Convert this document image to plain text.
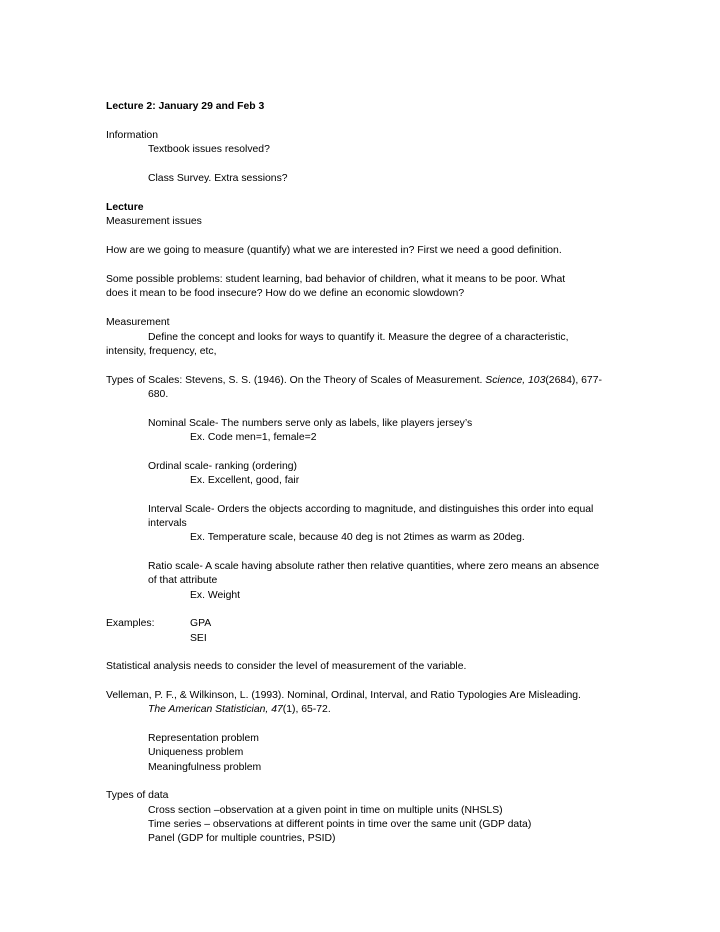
Lecture 2: January 29 and Feb 3
Information
Textbook issues resolved?
Class Survey. Extra sessions?
Lecture
Measurement issues
How are we going to measure (quantify) what we are interested in? First we need a good definition.
Some possible problems: student learning, bad behavior of children, what it means to be poor. What
does it mean to be food insecure? How do we define an economic slowdown?
Measurement
Define the concept and looks for ways to quantify it. Measure the degree of a characteristic,
intensity, frequency, etc,
Types of Scales: Stevens, S. S. (1946). On the Theory of Scales of Measurement. Science, 103(2684), 677-
680.
Nominal Scale- The numbers serve only as labels, like players jersey’s
Ex. Code men=1, female=2
Ordinal scale- ranking (ordering)
Ex. Excellent, good, fair
Interval Scale- Orders the objects according to magnitude, and distinguishes this order into equal
intervals
Ex. Temperature scale, because 40 deg is not 2times as warm as 20deg.
Ratio scale- A scale having absolute rather then relative quantities, where zero means an absence
of that attribute
Ex. Weight
Examples:	GPA
SEI
Statistical analysis needs to consider the level of measurement of the variable.
Velleman, P. F., & Wilkinson, L. (1993). Nominal, Ordinal, Interval, and Ratio Typologies Are Misleading.
The American Statistician, 47(1), 65-72.
Representation problem
Uniqueness problem
Meaningfulness problem
Types of data
Cross section –observation at a given point in time on multiple units (NHSLS)
Time series – observations at different points in time over the same unit (GDP data)
Panel (GDP for multiple countries, PSID)
